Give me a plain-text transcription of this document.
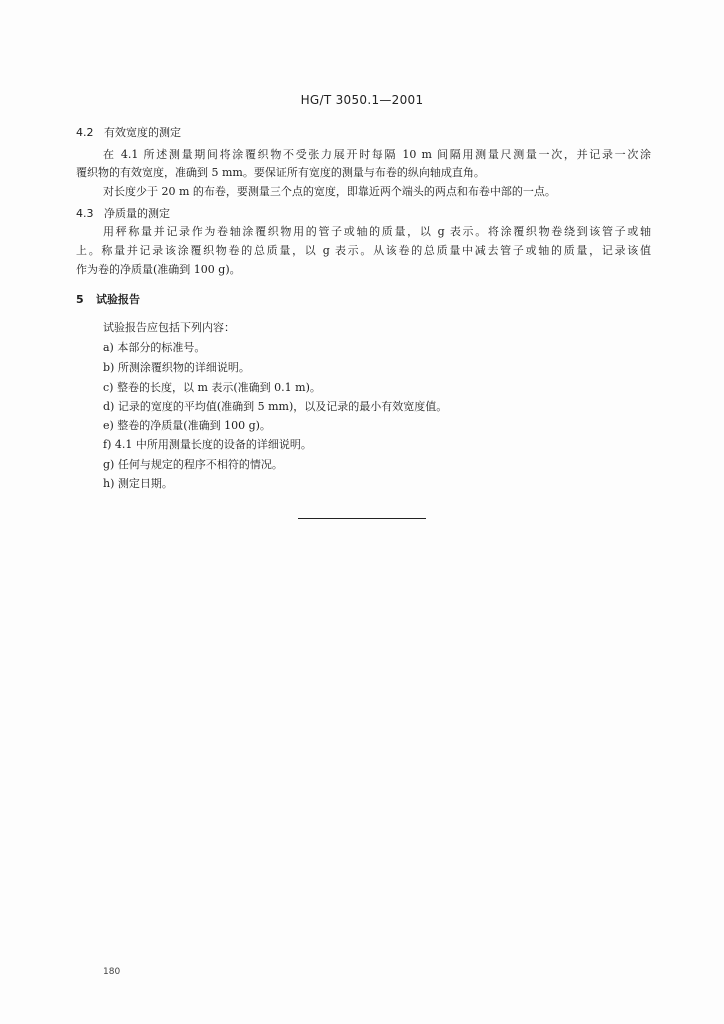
HG/T 3050.1—2001
4.2 有效宽度的测定
在 4.1 所述测量期间将涂覆织物不受张力展开时每隔 10 m 间隔用测量尺测量一次，并记录一次涂
覆织物的有效宽度，准确到 5 mm。要保证所有宽度的测量与布卷的纵向轴成直角。
对长度少于 20 m 的布卷，要测量三个点的宽度，即靠近两个端头的两点和布卷中部的一点。
4.3 净质量的测定
用秤称量并记录作为卷轴涂覆织物用的管子或轴的质量，以 g 表示。将涂覆织物卷绕到该管子或轴
上。称量并记录该涂覆织物卷的总质量，以 g 表示。从该卷的总质量中减去管子或轴的质量，记录该值
作为卷的净质量(准确到 100 g)。
5 试验报告
试验报告应包括下列内容：
a) 本部分的标准号。
b) 所测涂覆织物的详细说明。
c) 整卷的长度，以 m 表示(准确到 0.1 m)。
d) 记录的宽度的平均值(准确到 5 mm)，以及记录的最小有效宽度值。
e) 整卷的净质量(准确到 100 g)。
f) 4.1 中所用测量长度的设备的详细说明。
g) 任何与规定的程序不相符的情况。
h) 测定日期。
180
